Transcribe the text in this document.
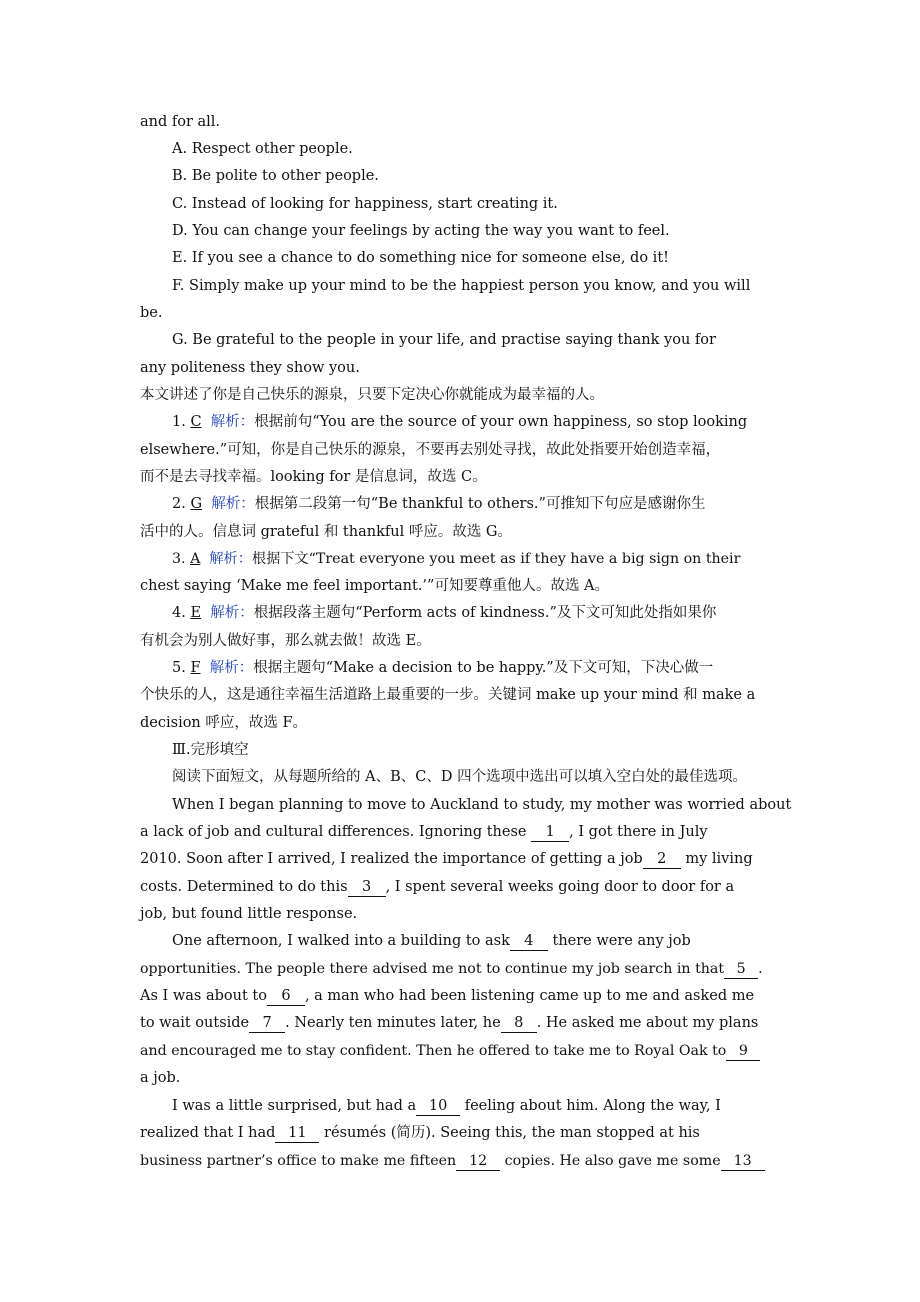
and for all.
A. Respect other people.
B. Be polite to other people.
C. Instead of looking for happiness, start creating it.
D. You can change your feelings by acting the way you want to feel.
E. If you see a chance to do something nice for someone else, do it!
F. Simply make up your mind to be the happiest person you know, and you will
be.
G. Be grateful to the people in your life, and practise saying thank you for
any politeness they show you.
本文讲述了你是自己快乐的源泉，只要下定决心你就能成为最幸福的人。
1. C 解析：根据前句“You are the source of your own happiness, so stop looking
elsewhere.”可知，你是自己快乐的源泉，不要再去别处寻找，故此处指要开始创造幸福，
而不是去寻找幸福。looking for 是信息词，故选 C。
2. G 解析：根据第二段第一句“Be thankful to others.”可推知下句应是感谢你生
活中的人。信息词 grateful 和 thankful 呼应。故选 G。
3. A 解析：根据下文“Treat everyone you meet as if they have a big sign on their
chest saying ‘Make me feel important.’”可知要尊重他人。故选 A。
4. E 解析：根据段落主题句“Perform acts of kindness.”及下文可知此处指如果你
有机会为别人做好事，那么就去做！故选 E。
5. F 解析：根据主题句“Make a decision to be happy.”及下文可知，下决心做一
个快乐的人，这是通往幸福生活道路上最重要的一步。关键词 make up your mind 和 make a
decision 呼应，故选 F。
Ⅲ.完形填空
阅读下面短文，从每题所给的 A、B、C、D 四个选项中选出可以填入空白处的最佳选项。
When I began planning to move to Auckland to study, my mother was worried about
a lack of job and cultural differences. Ignoring these 1 , I got there in July
2010. Soon after I arrived, I realized the importance of getting a job 2 my living
costs. Determined to do this 3 , I spent several weeks going door to door for a
job, but found little response.
One afternoon, I walked into a building to ask 4 there were any job
opportunities. The people there advised me not to continue my job search in that 5 .
As I was about to 6 , a man who had been listening came up to me and asked me
to wait outside 7 . Nearly ten minutes later, he 8 . He asked me about my plans
and encouraged me to stay confident. Then he offered to take me to Royal Oak to 9
a job.
I was a little surprised, but had a 10 feeling about him. Along the way, I
realized that I had 11 résumés (简历). Seeing this, the man stopped at his
business partner’s office to make me fifteen 12 copies. He also gave me some 13
